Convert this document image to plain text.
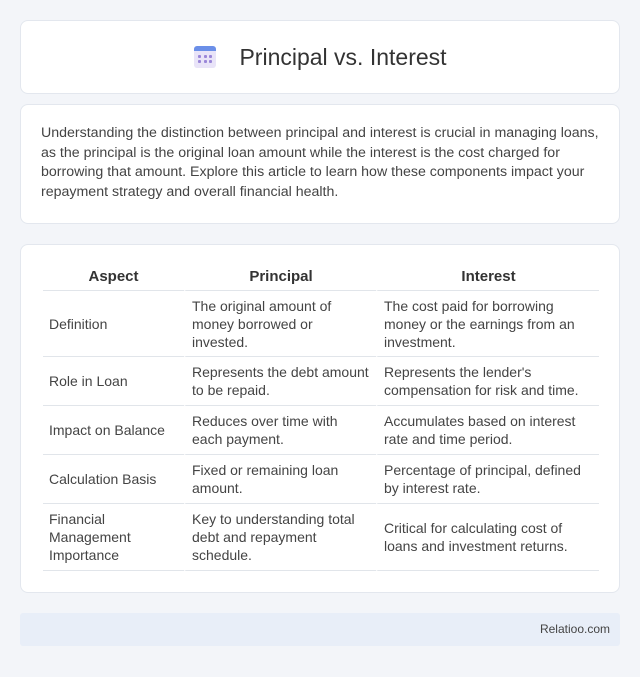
Principal vs. Interest

Understanding the distinction between principal and interest is crucial in managing loans, as the principal is the original loan amount while the interest is the cost charged for borrowing that amount. Explore this article to learn how these components impact your repayment strategy and overall financial health.

Aspect	Principal	Interest
Definition	The original amount of money borrowed or invested.	The cost paid for borrowing money or the earnings from an investment.
Role in Loan	Represents the debt amount to be repaid.	Represents the lender's compensation for risk and time.
Impact on Balance	Reduces over time with each payment.	Accumulates based on interest rate and time period.
Calculation Basis	Fixed or remaining loan amount.	Percentage of principal, defined by interest rate.
Financial Management Importance	Key to understanding total debt and repayment schedule.	Critical for calculating cost of loans and investment returns.
Relatioo.com
